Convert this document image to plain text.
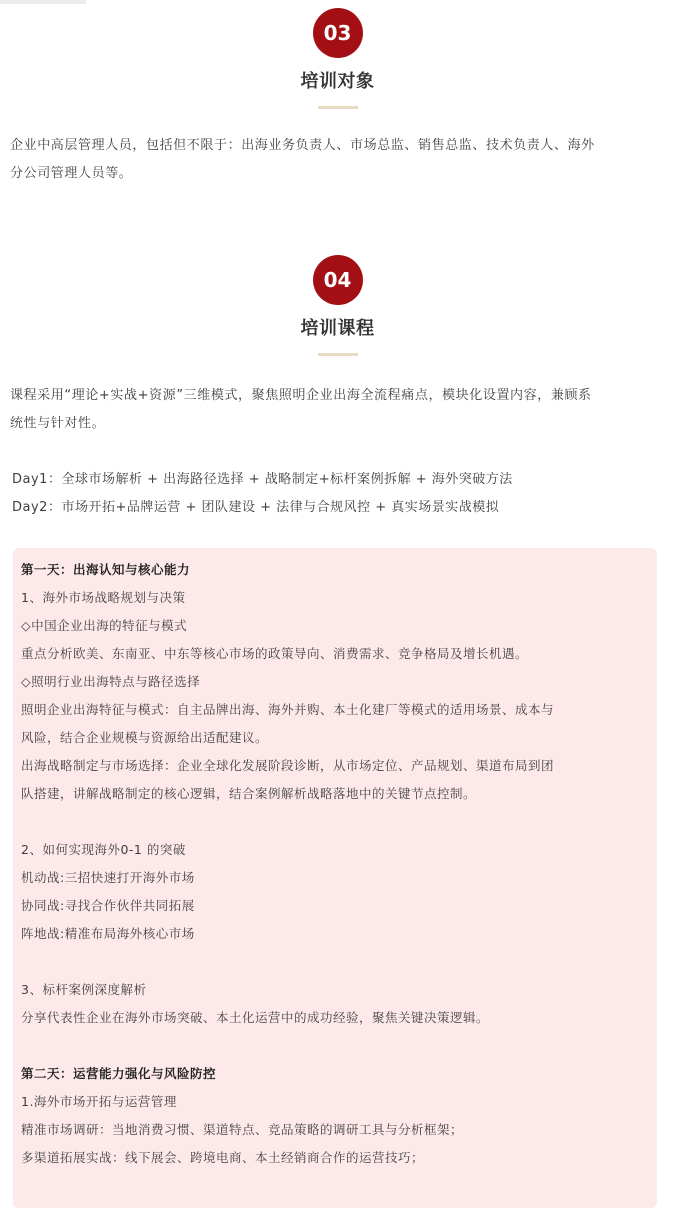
03
培训对象
企业中高层管理人员，包括但不限于：出海业务负责人、市场总监、销售总监、技术负责人、海外
分公司管理人员等。
04
培训课程
课程采用“理论+实战+资源”三维模式，聚焦照明企业出海全流程痛点，模块化设置内容，兼顾系
统性与针对性。
Day1：全球市场解析 + 出海路径选择 + 战略制定+标杆案例拆解 + 海外突破方法
Day2：市场开拓+品牌运营 + 团队建设 + 法律与合规风控 + 真实场景实战模拟
第一天：出海认知与核心能力
1、海外市场战略规划与决策
◇中国企业出海的特征与模式
重点分析欧美、东南亚、中东等核心市场的政策导向、消费需求、竞争格局及增长机遇。
◇照明行业出海特点与路径选择
照明企业出海特征与模式：自主品牌出海、海外并购、本土化建厂等模式的适用场景、成本与
风险，结合企业规模与资源给出适配建议。
出海战略制定与市场选择：企业全球化发展阶段诊断，从市场定位、产品规划、渠道布局到团
队搭建，讲解战略制定的核心逻辑，结合案例解析战略落地中的关键节点控制。
2、如何实现海外0-1 的突破
机动战:三招快速打开海外市场
协同战:寻找合作伙伴共同拓展
阵地战:精准布局海外核心市场
3、标杆案例深度解析
分享代表性企业在海外市场突破、本土化运营中的成功经验，聚焦关键决策逻辑。
第二天：运营能力强化与风险防控
1.海外市场开拓与运营管理
精准市场调研：当地消费习惯、渠道特点、竞品策略的调研工具与分析框架；
多渠道拓展实战：线下展会、跨境电商、本土经销商合作的运营技巧；
